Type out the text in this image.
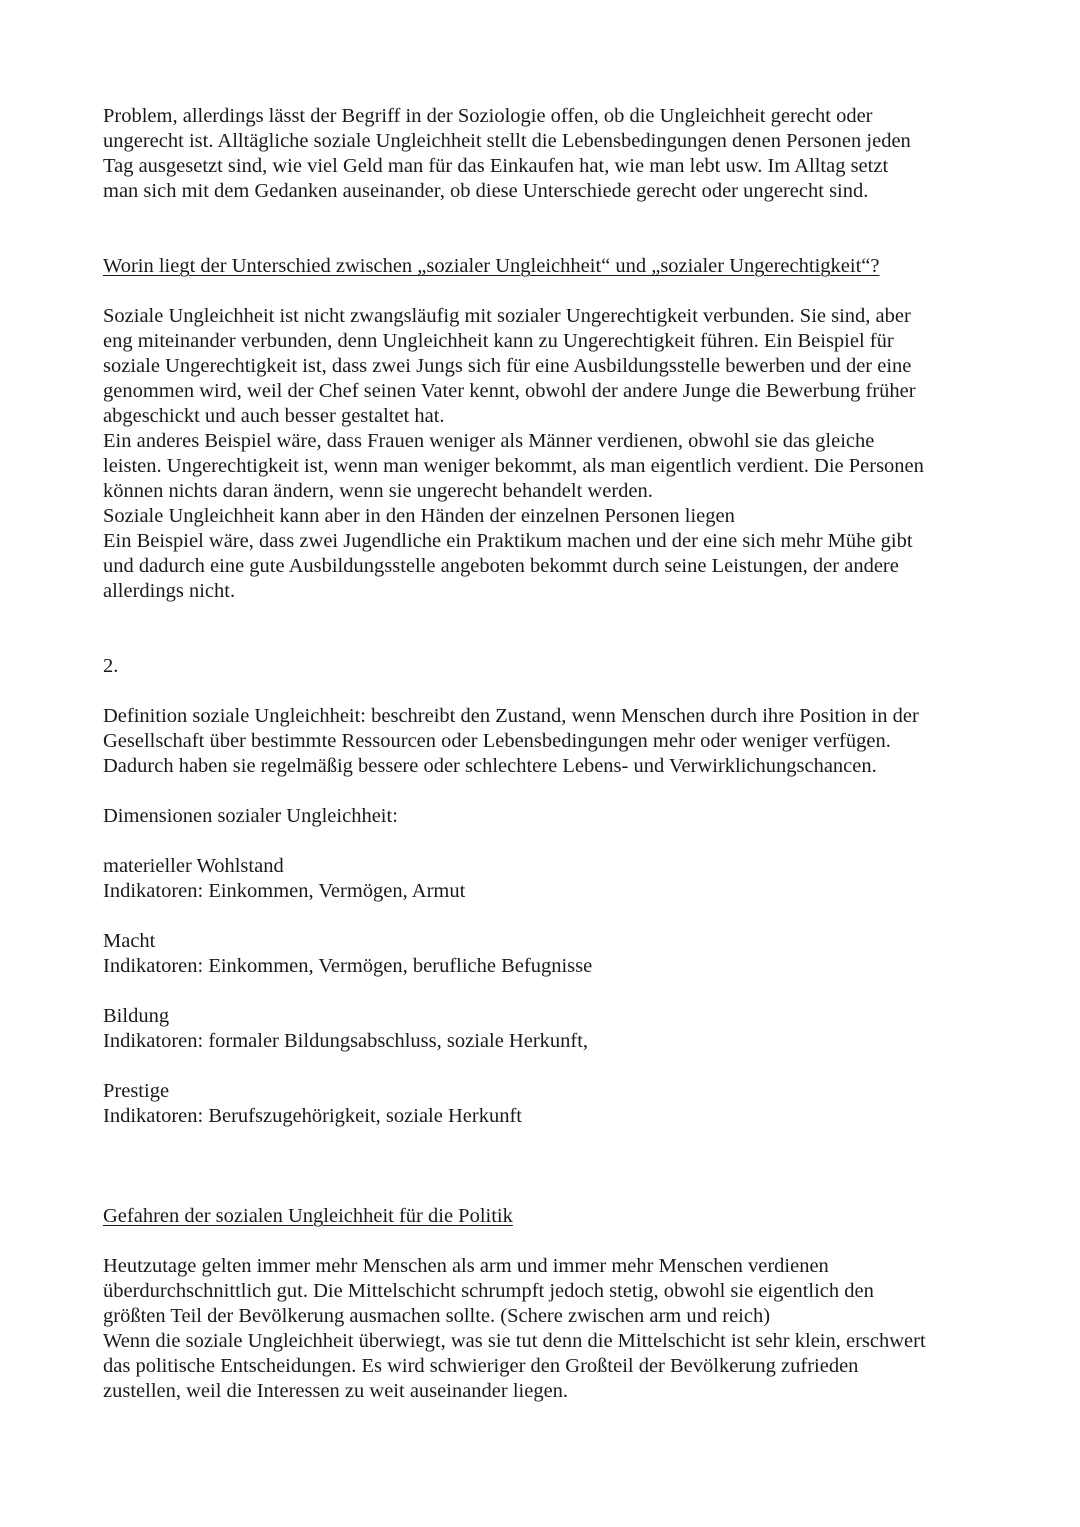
Problem, allerdings lässt der Begriff in der Soziologie offen, ob die Ungleichheit gerecht oder
ungerecht ist. Alltägliche soziale Ungleichheit stellt die Lebensbedingungen denen Personen jeden
Tag ausgesetzt sind, wie viel Geld man für das Einkaufen hat, wie man lebt usw. Im Alltag setzt
man sich mit dem Gedanken auseinander, ob diese Unterschiede gerecht oder ungerecht sind.
Worin liegt der Unterschied zwischen „sozialer Ungleichheit“ und „sozialer Ungerechtigkeit“?
Soziale Ungleichheit ist nicht zwangsläufig mit sozialer Ungerechtigkeit verbunden. Sie sind, aber
eng miteinander verbunden, denn Ungleichheit kann zu Ungerechtigkeit führen. Ein Beispiel für
soziale Ungerechtigkeit ist, dass zwei Jungs sich für eine Ausbildungsstelle bewerben und der eine
genommen wird, weil der Chef seinen Vater kennt, obwohl der andere Junge die Bewerbung früher
abgeschickt und auch besser gestaltet hat.
Ein anderes Beispiel wäre, dass Frauen weniger als Männer verdienen, obwohl sie das gleiche
leisten. Ungerechtigkeit ist, wenn man weniger bekommt, als man eigentlich verdient. Die Personen
können nichts daran ändern, wenn sie ungerecht behandelt werden.
Soziale Ungleichheit kann aber in den Händen der einzelnen Personen liegen
Ein Beispiel wäre, dass zwei Jugendliche ein Praktikum machen und der eine sich mehr Mühe gibt
und dadurch eine gute Ausbildungsstelle angeboten bekommt durch seine Leistungen, der andere
allerdings nicht.
2.
Definition soziale Ungleichheit: beschreibt den Zustand, wenn Menschen durch ihre Position in der
Gesellschaft über bestimmte Ressourcen oder Lebensbedingungen mehr oder weniger verfügen.
Dadurch haben sie regelmäßig bessere oder schlechtere Lebens- und Verwirklichungschancen.
Dimensionen sozialer Ungleichheit:
materieller Wohlstand
Indikatoren: Einkommen, Vermögen, Armut
Macht
Indikatoren: Einkommen, Vermögen, berufliche Befugnisse
Bildung
Indikatoren: formaler Bildungsabschluss, soziale Herkunft,
Prestige
Indikatoren: Berufszugehörigkeit, soziale Herkunft
Gefahren der sozialen Ungleichheit für die Politik
Heutzutage gelten immer mehr Menschen als arm und immer mehr Menschen verdienen
überdurchschnittlich gut. Die Mittelschicht schrumpft jedoch stetig, obwohl sie eigentlich den
größten Teil der Bevölkerung ausmachen sollte. (Schere zwischen arm und reich)
Wenn die soziale Ungleichheit überwiegt, was sie tut denn die Mittelschicht ist sehr klein, erschwert
das politische Entscheidungen. Es wird schwieriger den Großteil der Bevölkerung zufrieden
zustellen, weil die Interessen zu weit auseinander liegen.
